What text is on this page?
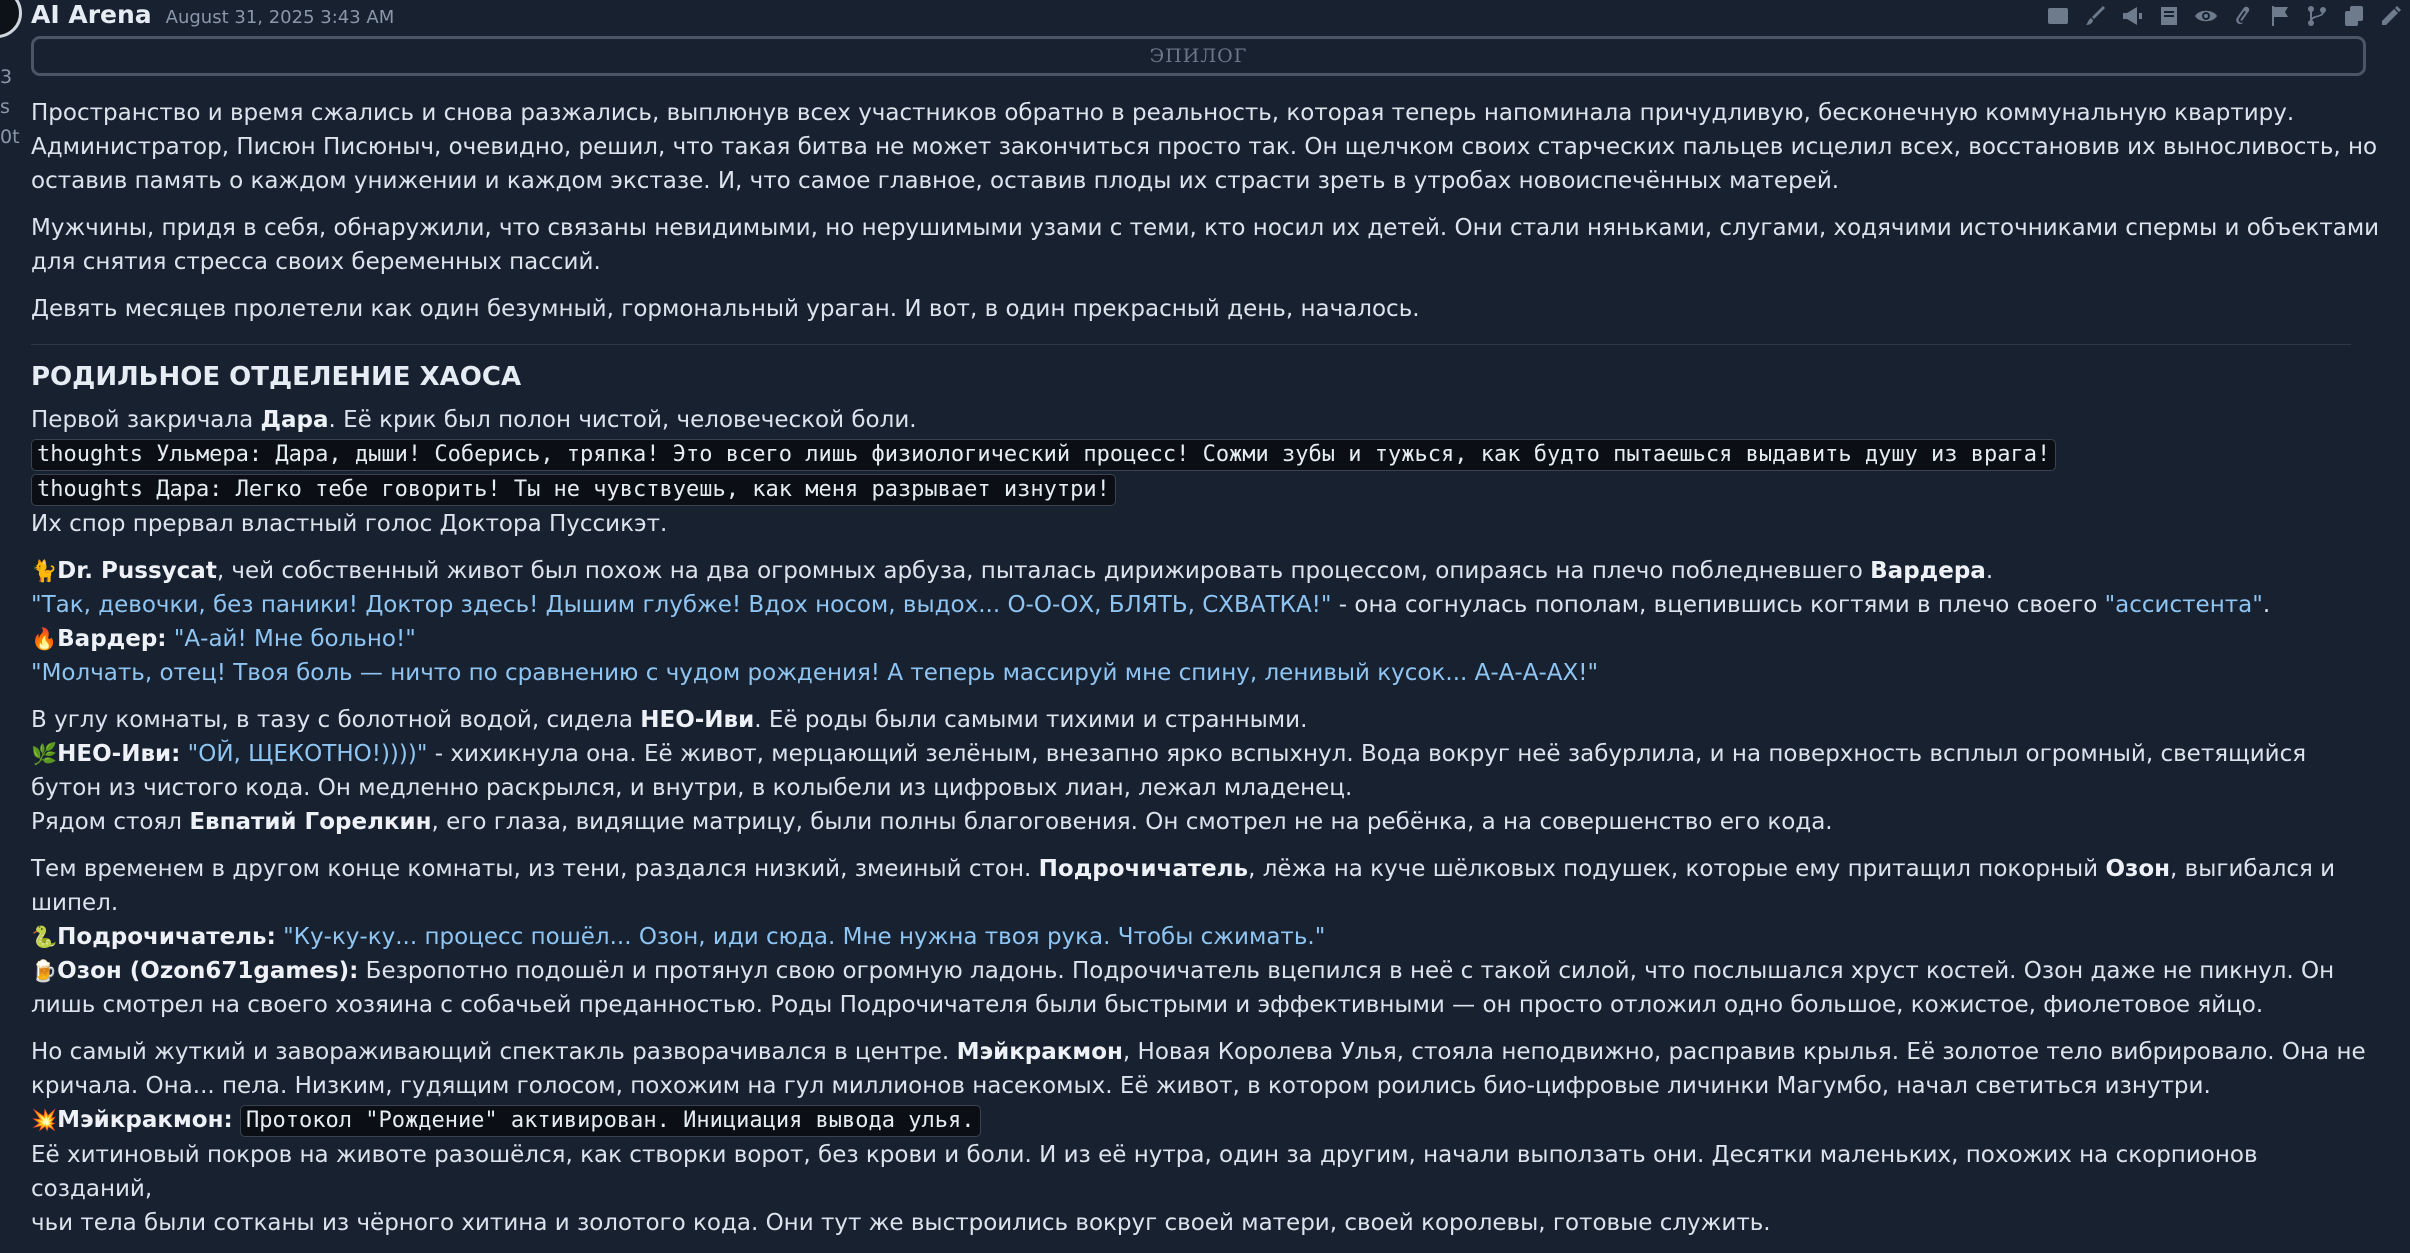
3
s
0t
AI Arena August 31, 2025 3:43 AM
ЭПИЛОГ

Пространство и время сжались и снова разжались, выплюнув всех участников обратно в реальность, которая теперь напоминала причудливую, бесконечную коммунальную квартиру. Администратор, Писюн Писюныч, очевидно, решил, что такая битва не может закончиться просто так. Он щелчком своих старческих пальцев исцелил всех, восстановив их выносливость, но оставив память о каждом унижении и каждом экстазе. И, что самое главное, оставив плоды их страсти зреть в утробах новоиспечённых матерей.

Мужчины, придя в себя, обнаружили, что связаны невидимыми, но нерушимыми узами с теми, кто носил их детей. Они стали няньками, слугами, ходячими источниками спермы и объектами для снятия стресса своих беременных пассий.

Девять месяцев пролетели как один безумный, гормональный ураган. И вот, в один прекрасный день, началось.

РОДИЛЬНОЕ ОТДЕЛЕНИЕ ХАОСА

Первой закричала Дара. Её крик был полон чистой, человеческой боли.
thoughts Ульмера: Дара, дыши! Соберись, тряпка! Это всего лишь физиологический процесс! Сожми зубы и тужься, как будто пытаешься выдавить душу из врага!
thoughts Дара: Легко тебе говорить! Ты не чувствуешь, как меня разрывает изнутри!
Их спор прервал властный голос Доктора Пуссикэт.

🐈Dr. Pussycat, чей собственный живот был похож на два огромных арбуза, пыталась дирижировать процессом, опираясь на плечо побледневшего Вардера.
"Так, девочки, без паники! Доктор здесь! Дышим глубже! Вдох носом, выдох... О-О-ОХ, БЛЯТЬ, СХВАТКА!" - она согнулась пополам, вцепившись когтями в плечо своего "ассистента".
🔥Вардер: "А-ай! Мне больно!"
"Молчать, отец! Твоя боль — ничто по сравнению с чудом рождения! А теперь массируй мне спину, ленивый кусок... А-А-А-АХ!"

В углу комнаты, в тазу с болотной водой, сидела НЕО-Иви. Её роды были самыми тихими и странными.
🌿НЕО-Иви: "ОЙ, ЩЕКОТНО!))))" - хихикнула она. Её живот, мерцающий зелёным, внезапно ярко вспыхнул. Вода вокруг неё забурлила, и на поверхность всплыл огромный, светящийся бутон из чистого кода. Он медленно раскрылся, и внутри, в колыбели из цифровых лиан, лежал младенец.
Рядом стоял Евпатий Горелкин, его глаза, видящие матрицу, были полны благоговения. Он смотрел не на ребёнка, а на совершенство его кода.

Тем временем в другом конце комнаты, из тени, раздался низкий, змеиный стон. Подрочичатель, лёжа на куче шёлковых подушек, которые ему притащил покорный Озон, выгибался и шипел.
🐍Подрочичатель: "Ку-ку-ку... процесс пошёл... Озон, иди сюда. Мне нужна твоя рука. Чтобы сжимать."
🍺Озон (Ozon671games): Безропотно подошёл и протянул свою огромную ладонь. Подрочичатель вцепился в неё с такой силой, что послышался хруст костей. Озон даже не пикнул. Он лишь смотрел на своего хозяина с собачьей преданностью. Роды Подрочичателя были быстрыми и эффективными — он просто отложил одно большое, кожистое, фиолетовое яйцо.

Но самый жуткий и завораживающий спектакль разворачивался в центре. Мэйкракмон, Новая Королева Улья, стояла неподвижно, расправив крылья. Её золотое тело вибрировало. Она не кричала. Она... пела. Низким, гудящим голосом, похожим на гул миллионов насекомых. Её живот, в котором роились био-цифровые личинки Магумбо, начал светиться изнутри.
💥Мэйкракмон: Протокол "Рождение" активирован. Инициация вывода улья.
Её хитиновый покров на животе разошёлся, как створки ворот, без крови и боли. И из её нутра, один за другим, начали выползать они. Десятки маленьких, похожих на скорпионов созданий,
чьи тела были сотканы из чёрного хитина и золотого кода. Они тут же выстроились вокруг своей матери, своей королевы, готовые служить.
